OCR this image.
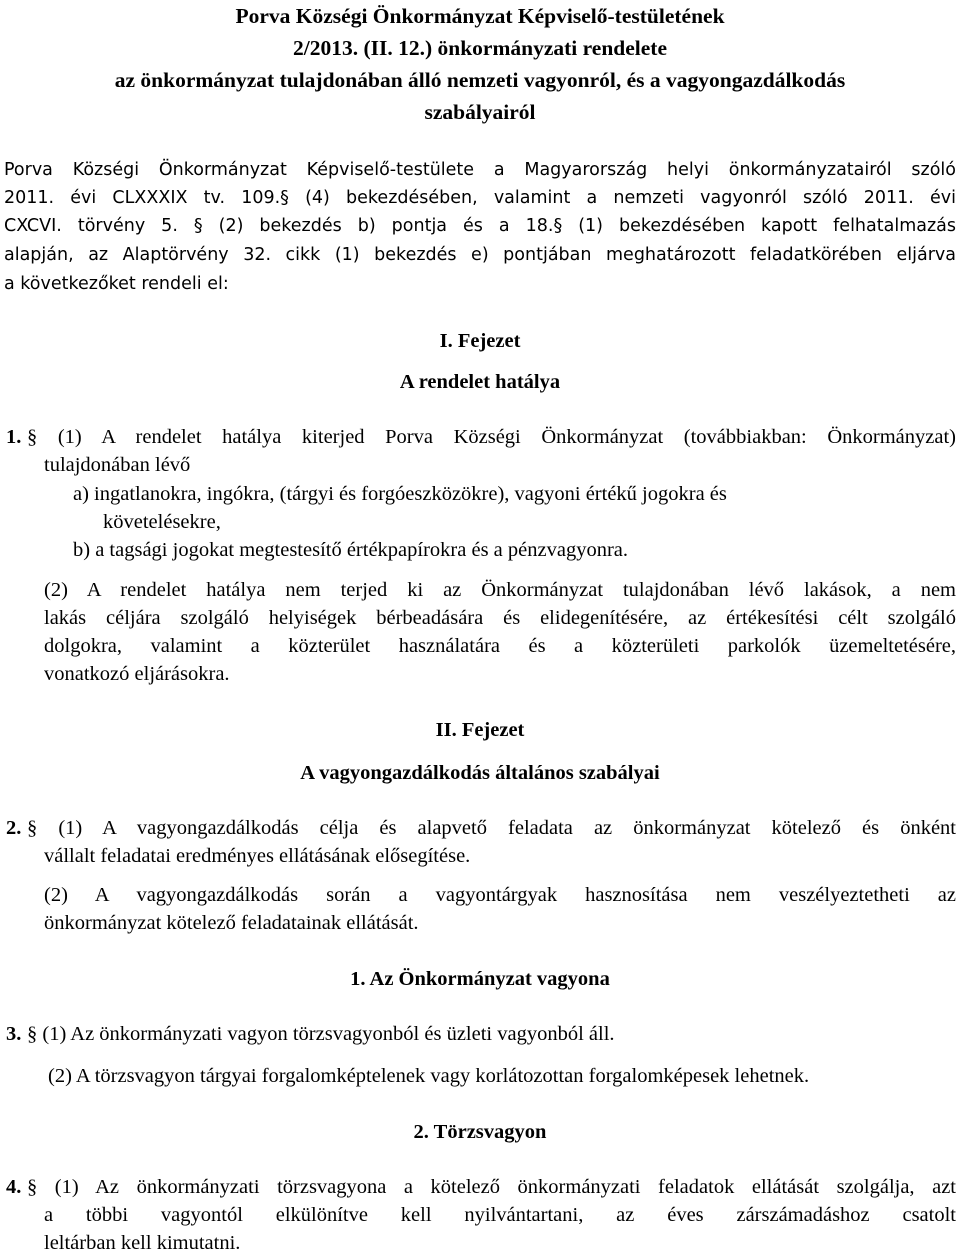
Porva Községi Önkormányzat Képviselő-testületének
2/2013. (II. 12.) önkormányzati rendelete
az önkormányzat tulajdonában álló nemzeti vagyonról, és a vagyongazdálkodás
szabályairól
Porva Községi Önkormányzat Képviselő-testülete a Magyarország helyi önkormányzatairól szóló
2011. évi CLXXXIX tv. 109.§ (4) bekezdésében, valamint a nemzeti vagyonról szóló 2011. évi
CXCVI. törvény 5. § (2) bekezdés b) pontja és a 18.§ (1) bekezdésében kapott felhatalmazás
alapján, az Alaptörvény 32. cikk (1) bekezdés e) pontjában meghatározott feladatkörében eljárva
a következőket rendeli el:
I. Fejezet
A rendelet hatálya
1. § (1) A rendelet hatálya kiterjed Porva Községi Önkormányzat (továbbiakban: Önkormányzat)
tulajdonában lévő
a) ingatlanokra, ingókra, (tárgyi és forgóeszközökre), vagyoni értékű jogokra és
követelésekre,
b) a tagsági jogokat megtestesítő értékpapírokra és a pénzvagyonra.
(2) A rendelet hatálya nem terjed ki az Önkormányzat tulajdonában lévő lakások, a nem
lakás céljára szolgáló helyiségek bérbeadására és elidegenítésére, az értékesítési célt szolgáló
dolgokra, valamint a közterület használatára és a közterületi parkolók üzemeltetésére,
vonatkozó eljárásokra.
II. Fejezet
A vagyongazdálkodás általános szabályai
2. § (1) A vagyongazdálkodás célja és alapvető feladata az önkormányzat kötelező és önként
vállalt feladatai eredményes ellátásának elősegítése.
(2) A vagyongazdálkodás során a vagyontárgyak hasznosítása nem veszélyeztetheti az
önkormányzat kötelező feladatainak ellátását.
1. Az Önkormányzat vagyona
3. § (1) Az önkormányzati vagyon törzsvagyonból és üzleti vagyonból áll.
(2) A törzsvagyon tárgyai forgalomképtelenek vagy korlátozottan forgalomképesek lehetnek.
2. Törzsvagyon
4. § (1) Az önkormányzati törzsvagyona a kötelező önkormányzati feladatok ellátását szolgálja, azt
a többi vagyontól elkülönítve kell nyilvántartani, az éves zárszámadáshoz csatolt
leltárban kell kimutatni.
